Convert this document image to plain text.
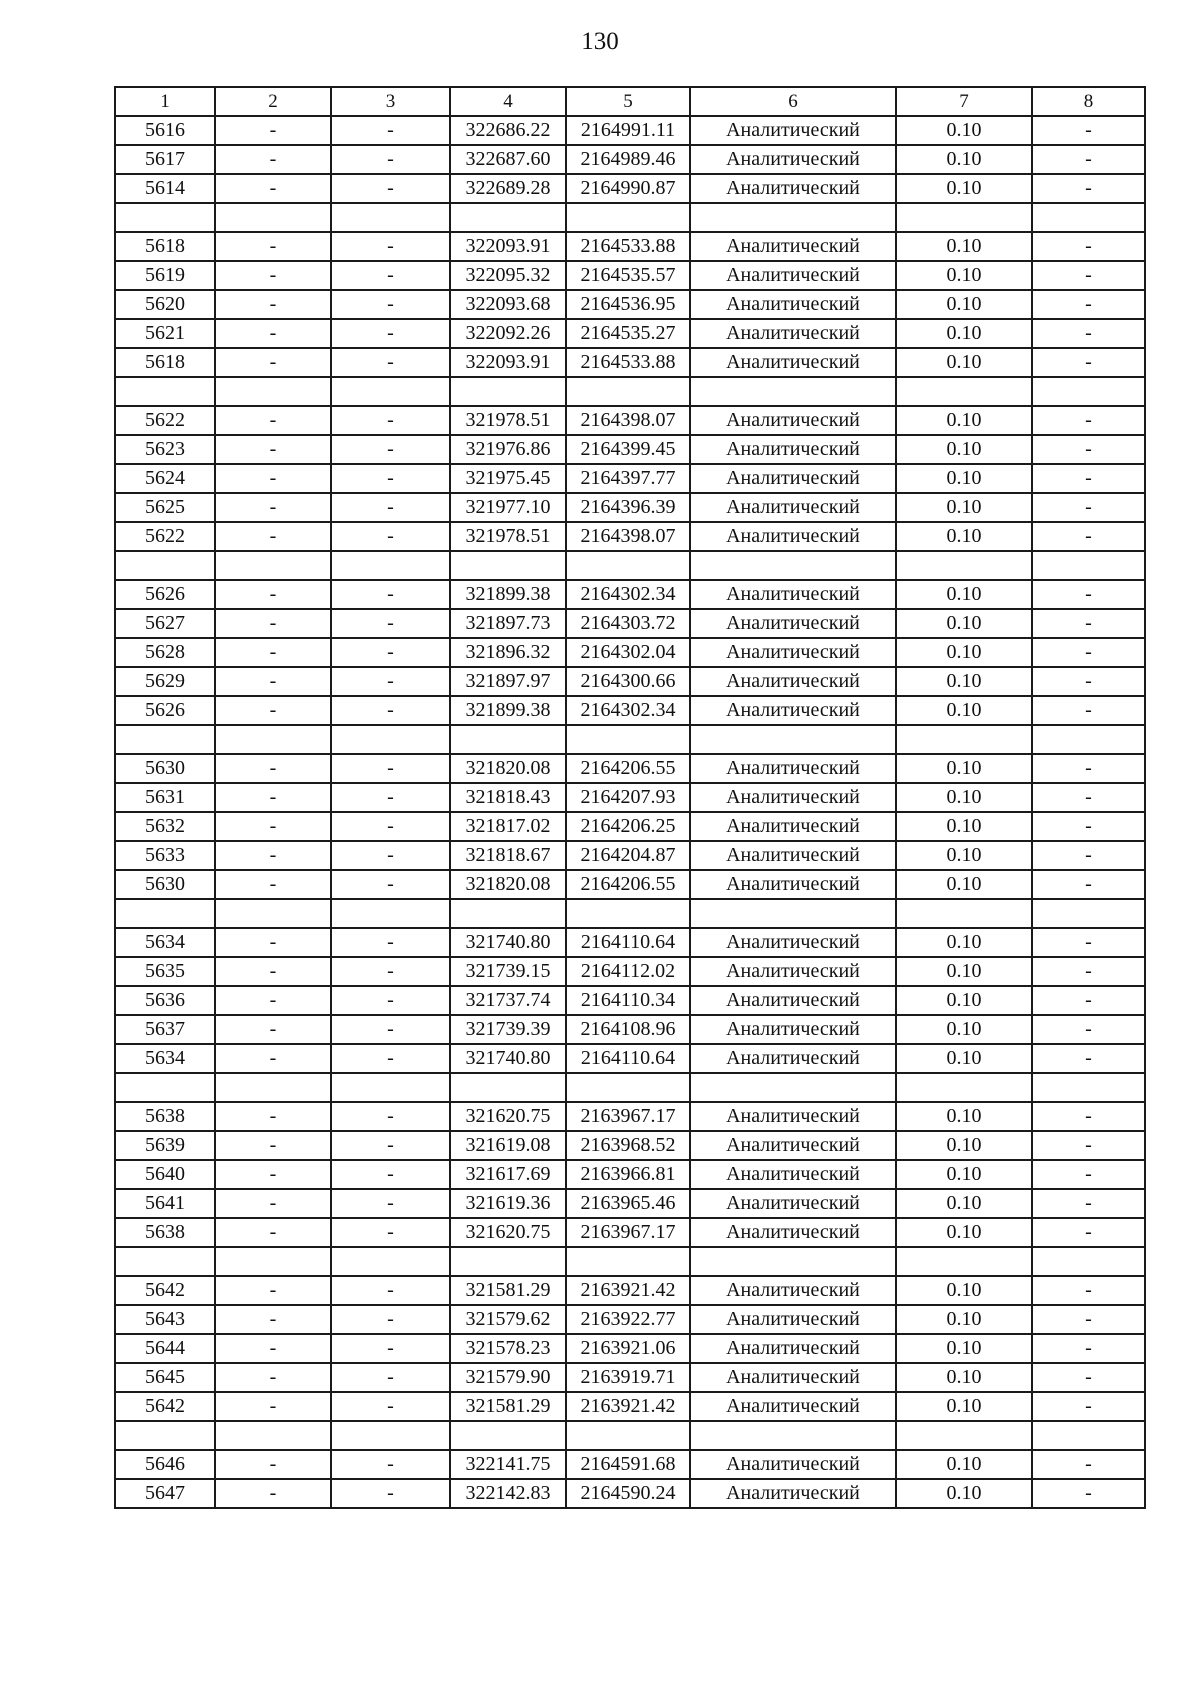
130
1	2	3	4	5	6	7	8
5616	-	-	322686.22	2164991.11	Аналитический	0.10	-
5617	-	-	322687.60	2164989.46	Аналитический	0.10	-
5614	-	-	322689.28	2164990.87	Аналитический	0.10	-

5618	-	-	322093.91	2164533.88	Аналитический	0.10	-
5619	-	-	322095.32	2164535.57	Аналитический	0.10	-
5620	-	-	322093.68	2164536.95	Аналитический	0.10	-
5621	-	-	322092.26	2164535.27	Аналитический	0.10	-
5618	-	-	322093.91	2164533.88	Аналитический	0.10	-

5622	-	-	321978.51	2164398.07	Аналитический	0.10	-
5623	-	-	321976.86	2164399.45	Аналитический	0.10	-
5624	-	-	321975.45	2164397.77	Аналитический	0.10	-
5625	-	-	321977.10	2164396.39	Аналитический	0.10	-
5622	-	-	321978.51	2164398.07	Аналитический	0.10	-

5626	-	-	321899.38	2164302.34	Аналитический	0.10	-
5627	-	-	321897.73	2164303.72	Аналитический	0.10	-
5628	-	-	321896.32	2164302.04	Аналитический	0.10	-
5629	-	-	321897.97	2164300.66	Аналитический	0.10	-
5626	-	-	321899.38	2164302.34	Аналитический	0.10	-

5630	-	-	321820.08	2164206.55	Аналитический	0.10	-
5631	-	-	321818.43	2164207.93	Аналитический	0.10	-
5632	-	-	321817.02	2164206.25	Аналитический	0.10	-
5633	-	-	321818.67	2164204.87	Аналитический	0.10	-
5630	-	-	321820.08	2164206.55	Аналитический	0.10	-

5634	-	-	321740.80	2164110.64	Аналитический	0.10	-
5635	-	-	321739.15	2164112.02	Аналитический	0.10	-
5636	-	-	321737.74	2164110.34	Аналитический	0.10	-
5637	-	-	321739.39	2164108.96	Аналитический	0.10	-
5634	-	-	321740.80	2164110.64	Аналитический	0.10	-

5638	-	-	321620.75	2163967.17	Аналитический	0.10	-
5639	-	-	321619.08	2163968.52	Аналитический	0.10	-
5640	-	-	321617.69	2163966.81	Аналитический	0.10	-
5641	-	-	321619.36	2163965.46	Аналитический	0.10	-
5638	-	-	321620.75	2163967.17	Аналитический	0.10	-

5642	-	-	321581.29	2163921.42	Аналитический	0.10	-
5643	-	-	321579.62	2163922.77	Аналитический	0.10	-
5644	-	-	321578.23	2163921.06	Аналитический	0.10	-
5645	-	-	321579.90	2163919.71	Аналитический	0.10	-
5642	-	-	321581.29	2163921.42	Аналитический	0.10	-

5646	-	-	322141.75	2164591.68	Аналитический	0.10	-
5647	-	-	322142.83	2164590.24	Аналитический	0.10	-
